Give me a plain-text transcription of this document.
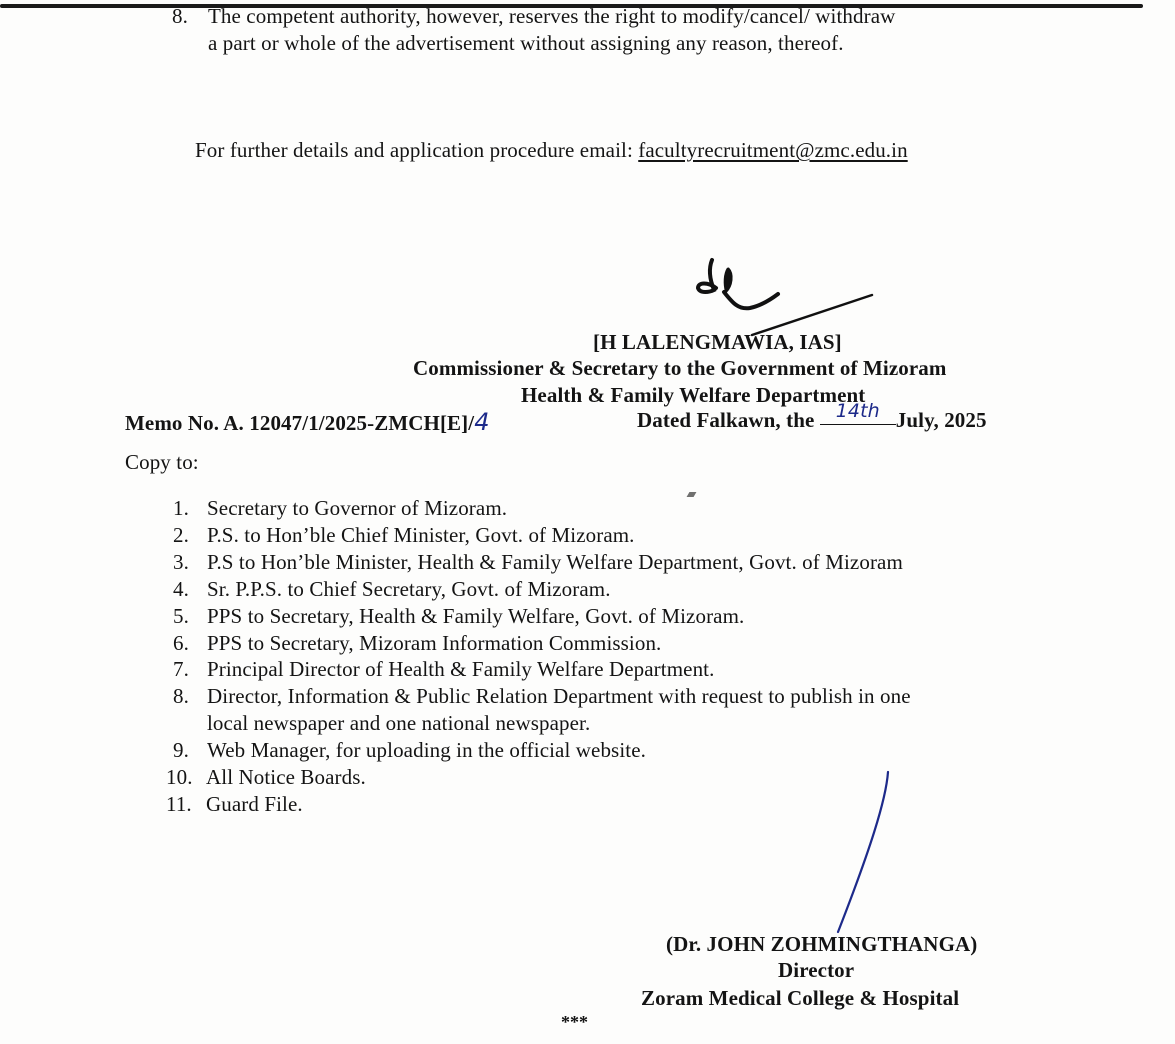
8. The competent authority, however, reserves the right to modify/cancel/ withdraw
a part or whole of the advertisement without assigning any reason, thereof.
For further details and application procedure email: facultyrecruitment@zmc.edu.in
[H LALENGMAWIA, IAS]
Commissioner & Secretary to the Government of Mizoram
Health & Family Welfare Department
Memo No. A. 12047/1/2025-ZMCH[E]/4	Dated Falkawn, the 14th July, 2025
Copy to:
1. Secretary to Governor of Mizoram.
2. P.S. to Hon’ble Chief Minister, Govt. of Mizoram.
3. P.S to Hon’ble Minister, Health & Family Welfare Department, Govt. of Mizoram
4. Sr. P.P.S. to Chief Secretary, Govt. of Mizoram.
5. PPS to Secretary, Health & Family Welfare, Govt. of Mizoram.
6. PPS to Secretary, Mizoram Information Commission.
7. Principal Director of Health & Family Welfare Department.
8. Director, Information & Public Relation Department with request to publish in one
local newspaper and one national newspaper.
9. Web Manager, for uploading in the official website.
10. All Notice Boards.
11. Guard File.
(Dr. JOHN ZOHMINGTHANGA)
Director
Zoram Medical College & Hospital
***
